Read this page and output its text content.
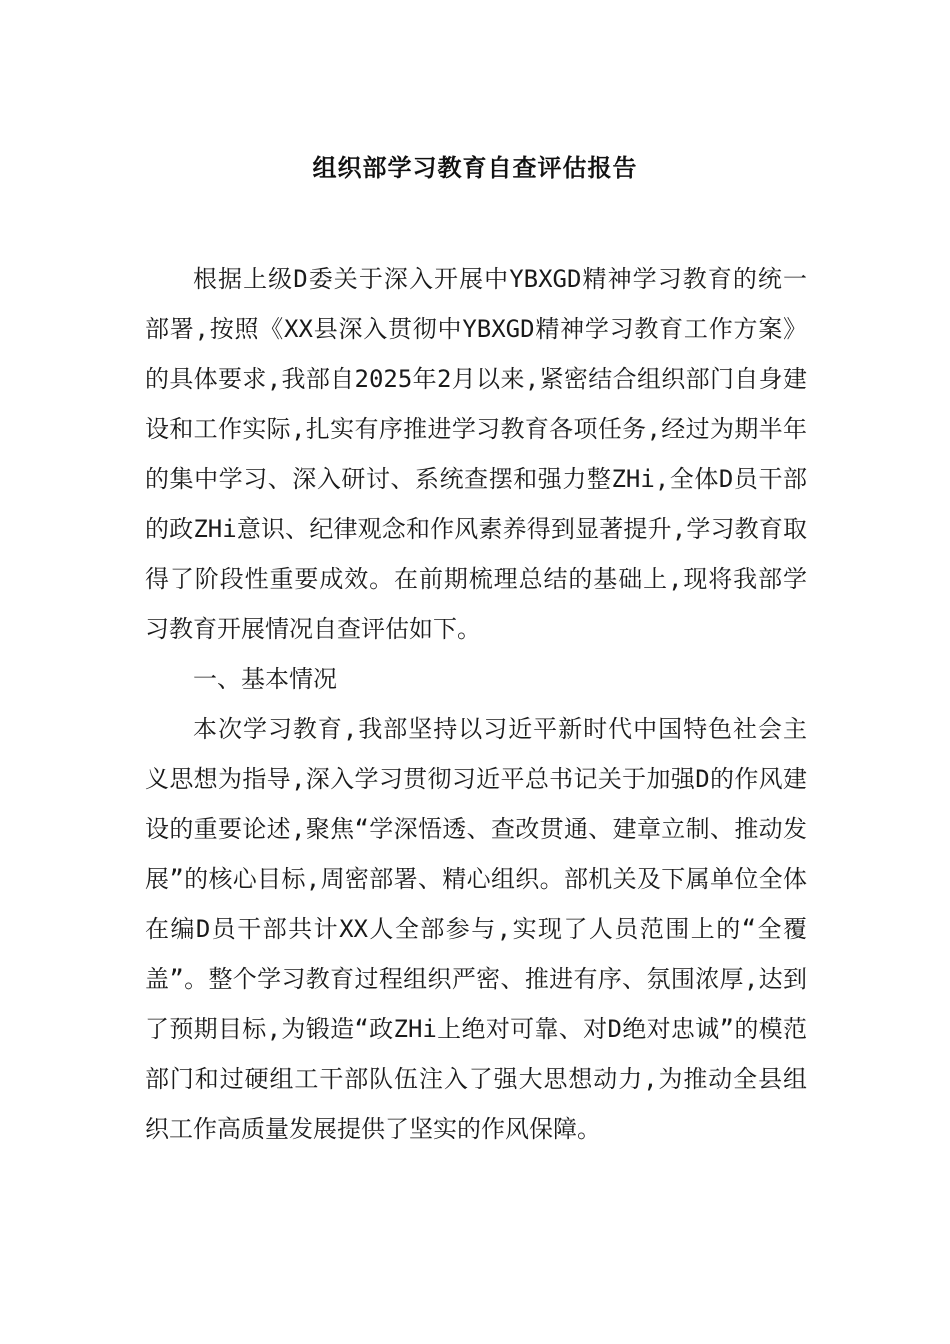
组织部学习教育自查评估报告

根据上级D委关于深入开展中YBXGD精神学习教育的统一部署,按照《XX县深入贯彻中YBXGD精神学习教育工作方案》的具体要求,我部自2025年2月以来,紧密结合组织部门自身建设和工作实际,扎实有序推进学习教育各项任务,经过为期半年的集中学习、深入研讨、系统查摆和强力整ZHi,全体D员干部的政ZHi意识、纪律观念和作风素养得到显著提升,学习教育取得了阶段性重要成效。在前期梳理总结的基础上,现将我部学习教育开展情况自查评估如下。

一、基本情况

本次学习教育,我部坚持以习近平新时代中国特色社会主义思想为指导,深入学习贯彻习近平总书记关于加强D的作风建设的重要论述,聚焦“学深悟透、查改贯通、建章立制、推动发展”的核心目标,周密部署、精心组织。部机关及下属单位全体在编D员干部共计XX人全部参与,实现了人员范围上的“全覆盖”。整个学习教育过程组织严密、推进有序、氛围浓厚,达到了预期目标,为锻造“政ZHi上绝对可靠、对D绝对忠诚”的模范部门和过硬组工干部队伍注入了强大思想动力,为推动全县组织工作高质量发展提供了坚实的作风保障。
